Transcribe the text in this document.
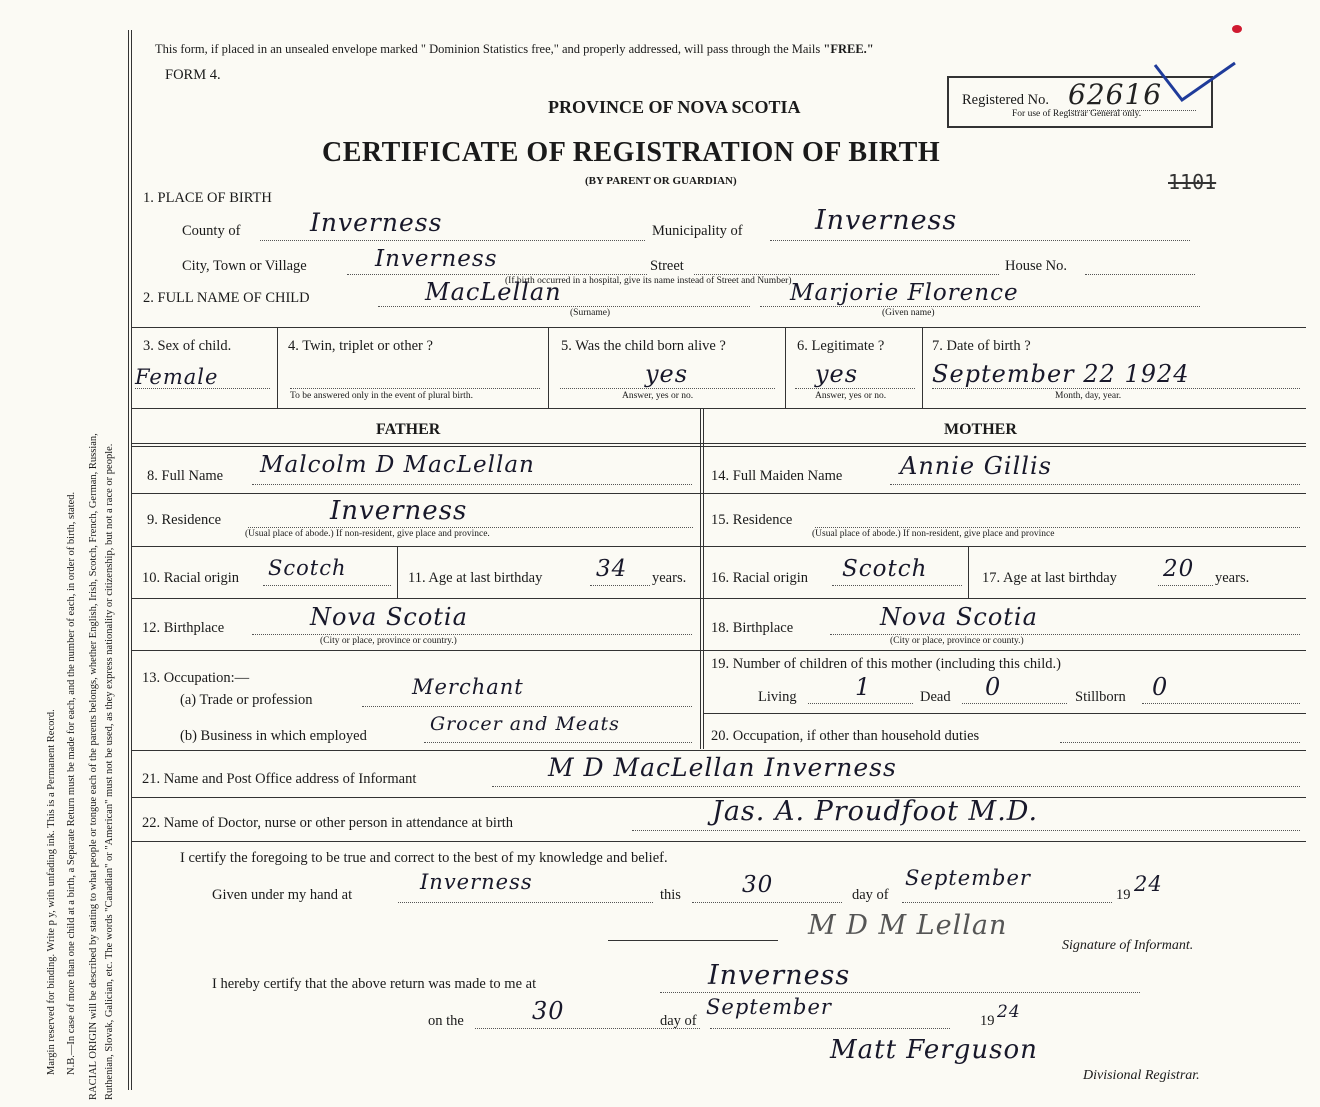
Margin reserved for binding. Write p y, with unfading ink. This is a Permanent Record. N.B.—In case of more than one child at a birth, a Separate Return must be made for each, and the number of each, in order of birth, stated. RACIAL ORIGIN will be described by stating to what people or tongue each of the parents belongs, whether English, Irish, Scotch, French, German, Russian, Ruthenian, Slovak, Galician, etc. The words "Canadian" or "American" must not be used, as they express nationality or citizenship, but not a race or people.
This form, if placed in an unsealed envelope marked " Dominion Statistics free," and properly addressed, will pass through the Mails "FREE."
FORM 4.
PROVINCE OF NOVA SCOTIA
CERTIFICATE OF REGISTRATION OF BIRTH
(BY PARENT OR GUARDIAN)
Registered No. 62616
For use of Registrar General only.
1101
1. PLACE OF BIRTH
County of	Inverness	Municipality of	Inverness
City, Town or Village	Inverness	Street	House No.
(If birth occurred in a hospital, give its name instead of Street and Number)
2. FULL NAME OF CHILD	MacLellan	Marjorie Florence
(Surname)	(Given name)
3. Sex of child.
Female
4. Twin, triplet or other ?
To be answered only in the event of plural birth.
5. Was the child born alive ?
yes
Answer, yes or no.
6. Legitimate ?
yes
Answer, yes or no.
7. Date of birth ?
September 22 1924
Month, day, year.
FATHER	MOTHER
8. Full Name Malcolm D MacLellan	14. Full Maiden Name Annie Gillis
9. Residence	Inverness
(Usual place of abode.) If non-resident, give place and province.
15. Residence
(Usual place of abode.) If non-resident, give place and province
10. Racial origin Scotch	11. Age at last birthday 34 years. 16. Racial origin Scotch	17. Age at last birthday 20 years.
12. Birthplace	Nova Scotia
(City or place, province or country.)
18. Birthplace	Nova Scotia
(City or place, province or county.)
13. Occupation:—
(a) Trade or profession
Merchant
19. Number of children of this mother (including this child.)
Living 1	Dead 0	Stillborn 0
(b) Business in which employed
Grocer and Meats
20. Occupation, if other than household duties
21. Name and Post Office address of Informant	M D MacLellan Inverness
22. Name of Doctor, nurse or other person in attendance at birth	Jas. A. Proudfoot M.D.
I certify the foregoing to be true and correct to the best of my knowledge and belief.
Given under my hand at
Inverness
this	30	day of
September
19 24
M D M Lellan
Signature of Informant.
I hereby certify that the above return was made to me at	Inverness
on the	30	day of
September
19 24
Matt Ferguson
Divisional Registrar.
